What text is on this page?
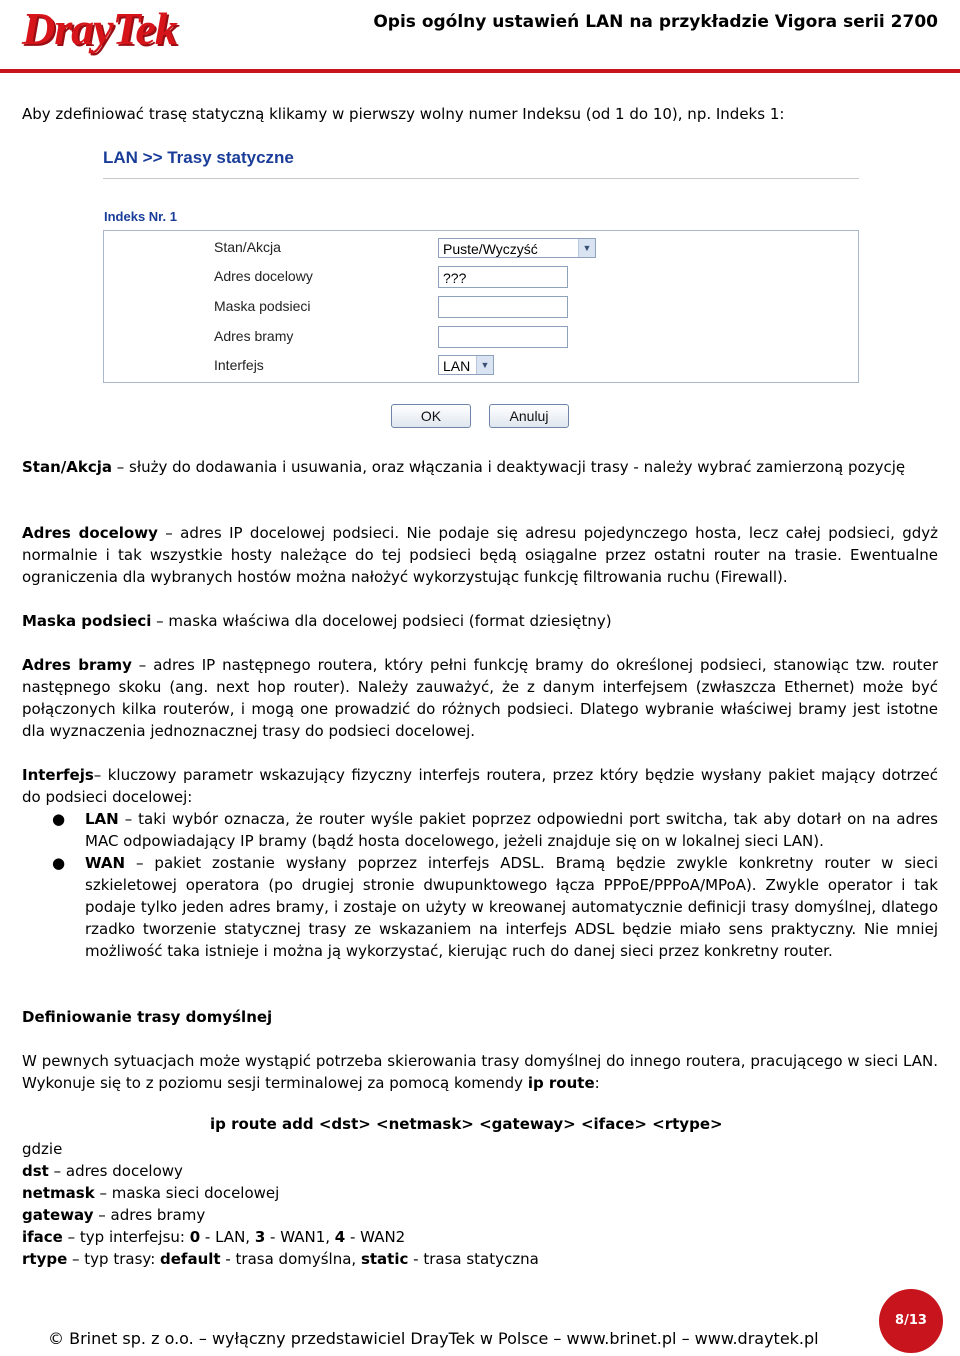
DrayTek	Opis ogólny ustawień LAN na przykładzie Vigora serii 2700

Aby zdefiniować trasę statyczną klikamy w pierwszy wolny numer Indeksu (od 1 do 10), np. Indeks 1:

LAN >> Trasy statyczne
Indeks Nr. 1
Stan/Akcja	Puste/Wyczyść	▼
Adres docelowy	???
Maska podsieci
Adres bramy
Interfejs	LAN	▼
OK	Anuluj

Stan/Akcja – służy do dodawania i usuwania, oraz włączania i deaktywacji trasy - należy wybrać zamierzoną pozycję

Adres docelowy – adres IP docelowej podsieci. Nie podaje się adresu pojedynczego hosta, lecz całej podsieci, gdyż normalnie i tak wszystkie hosty należące do tej podsieci będą osiągalne przez ostatni router na trasie. Ewentualne ograniczenia dla wybranych hostów można nałożyć wykorzystując funkcję filtrowania ruchu (Firewall).

Maska podsieci – maska właściwa dla docelowej podsieci (format dziesiętny)

Adres bramy – adres IP następnego routera, który pełni funkcję bramy do określonej podsieci, stanowiąc tzw. router następnego skoku (ang. next hop router). Należy zauważyć, że z danym interfejsem (zwłaszcza Ethernet) może być połączonych kilka routerów, i mogą one prowadzić do różnych podsieci. Dlatego wybranie właściwej bramy jest istotne dla wyznaczenia jednoznacznej trasy do podsieci docelowej.

Interfejs– kluczowy parametr wskazujący fizyczny interfejs routera, przez który będzie wysłany pakiet mający dotrzeć do podsieci docelowej:

● LAN – taki wybór oznacza, że router wyśle pakiet poprzez odpowiedni port switcha, tak aby dotarł on na adres MAC odpowiadający IP bramy (bądź hosta docelowego, jeżeli znajduje się on w lokalnej sieci LAN).
● WAN – pakiet zostanie wysłany poprzez interfejs ADSL. Bramą będzie zwykle konkretny router w sieci szkieletowej operatora (po drugiej stronie dwupunktowego łącza PPPoE/PPPoA/MPoA). Zwykle operator i tak podaje tylko jeden adres bramy, i zostaje on użyty w kreowanej automatycznie definicji trasy domyślnej, dlatego rzadko tworzenie statycznej trasy ze wskazaniem na interfejs ADSL będzie miało sens praktyczny. Nie mniej możliwość taka istnieje i można ją wykorzystać, kierując ruch do danej sieci przez konkretny router.

Definiowanie trasy domyślnej

W pewnych sytuacjach może wystąpić potrzeba skierowania trasy domyślnej do innego routera, pracującego w sieci LAN. Wykonuje się to z poziomu sesji terminalowej za pomocą komendy ip route:

ip route add <dst> <netmask> <gateway> <iface> <rtype>

gdzie
dst – adres docelowy
netmask – maska sieci docelowej
gateway – adres bramy
iface – typ interfejsu: 0 - LAN, 3 - WAN1, 4 - WAN2
rtype – typ trasy: default - trasa domyślna, static - trasa statyczna

© Brinet sp. z o.o. – wyłączny przedstawiciel DrayTek w Polsce – www.brinet.pl – www.draytek.pl
8/13
